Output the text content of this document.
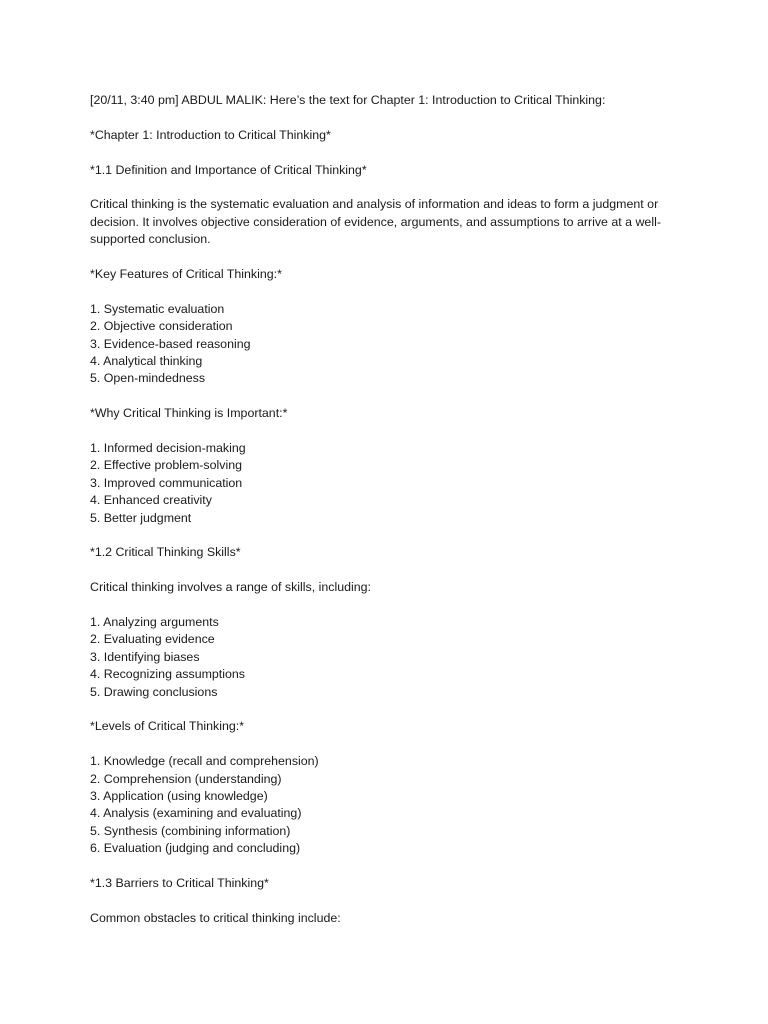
[20/11, 3:40 pm] ABDUL MALIK: Here’s the text for Chapter 1: Introduction to Critical Thinking:

*Chapter 1: Introduction to Critical Thinking*

*1.1 Definition and Importance of Critical Thinking*

Critical thinking is the systematic evaluation and analysis of information and ideas to form a judgment or

decision. It involves objective consideration of evidence, arguments, and assumptions to arrive at a well-

supported conclusion.

*Key Features of Critical Thinking:*

1. Systematic evaluation

2. Objective consideration

3. Evidence-based reasoning

4. Analytical thinking

5. Open-mindedness

*Why Critical Thinking is Important:*

1. Informed decision-making

2. Effective problem-solving

3. Improved communication

4. Enhanced creativity

5. Better judgment

*1.2 Critical Thinking Skills*

Critical thinking involves a range of skills, including:

1. Analyzing arguments

2. Evaluating evidence

3. Identifying biases

4. Recognizing assumptions

5. Drawing conclusions

*Levels of Critical Thinking:*

1. Knowledge (recall and comprehension)

2. Comprehension (understanding)

3. Application (using knowledge)

4. Analysis (examining and evaluating)

5. Synthesis (combining information)

6. Evaluation (judging and concluding)

*1.3 Barriers to Critical Thinking*

Common obstacles to critical thinking include:
